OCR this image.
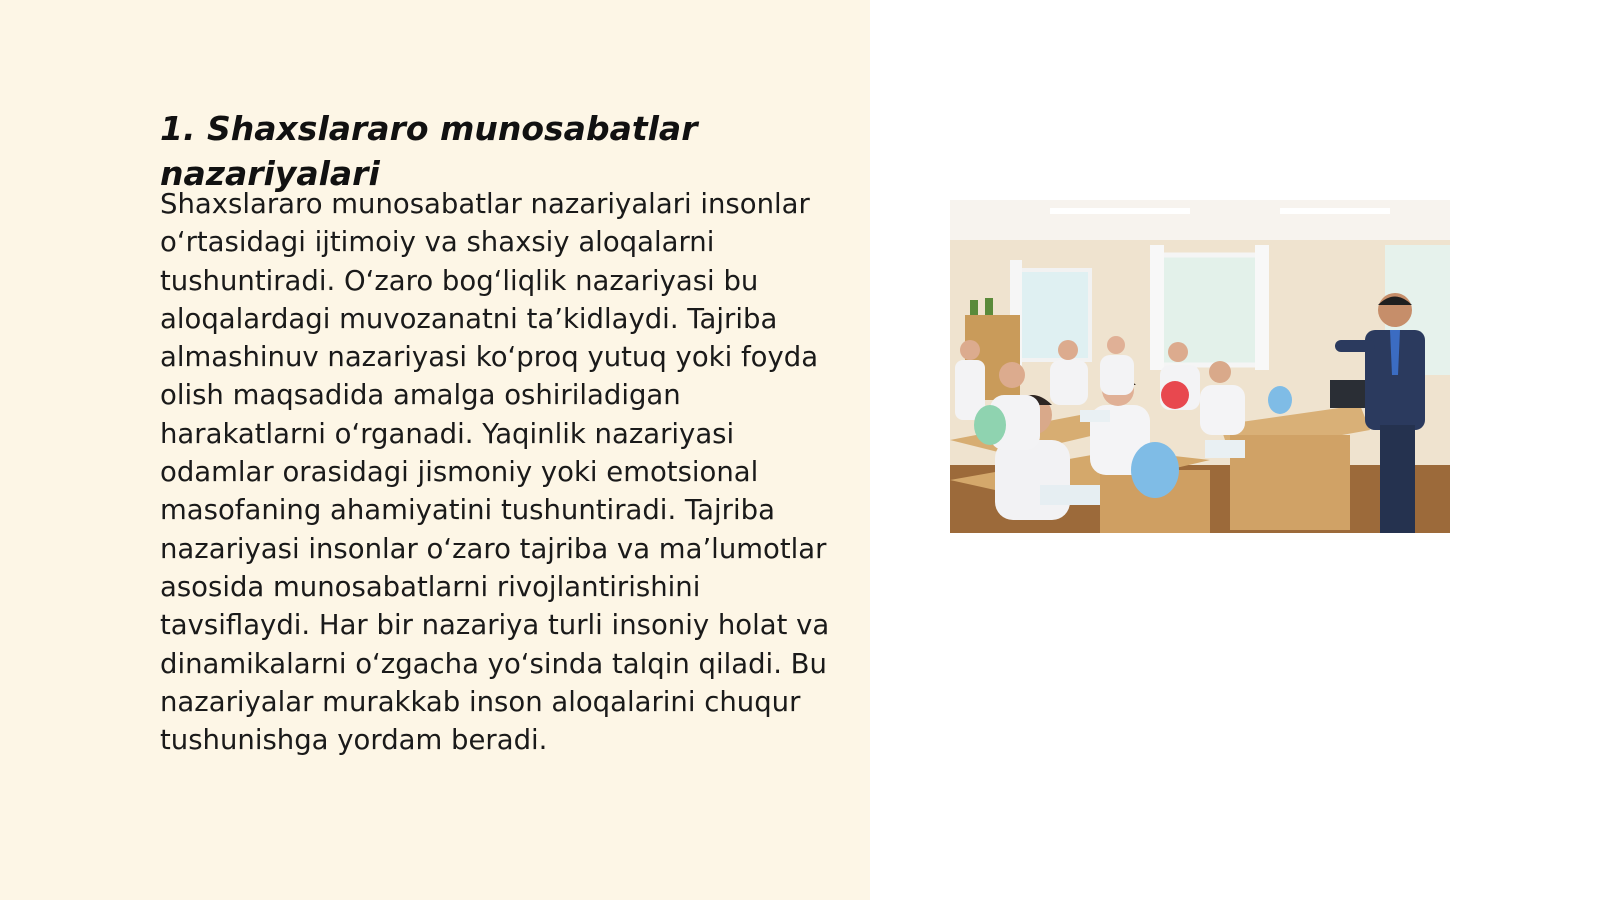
1. Shaxslararo munosabatlar nazariyalari

Shaxslararo munosabatlar nazariyalari insonlar o‘rtasidagi ijtimoiy va shaxsiy aloqalarni tushuntiradi. O‘zaro bog‘liqlik nazariyasi bu aloqalardagi muvozanatni ta’kidlaydi. Tajriba almashinuv nazariyasi ko‘proq yutuq yoki foyda olish maqsadida amalga oshiriladigan harakatlarni o‘rganadi. Yaqinlik nazariyasi odamlar orasidagi jismoniy yoki emotsional masofaning ahamiyatini tushuntiradi. Tajriba nazariyasi insonlar o‘zaro tajriba va ma’lumotlar asosida munosabatlarni rivojlantirishini tavsiflaydi. Har bir nazariya turli insoniy holat va dinamikalarni o‘zgacha yo‘sinda talqin qiladi. Bu nazariyalar murakkab inson aloqalarini chuqur tushunishga yordam beradi.
